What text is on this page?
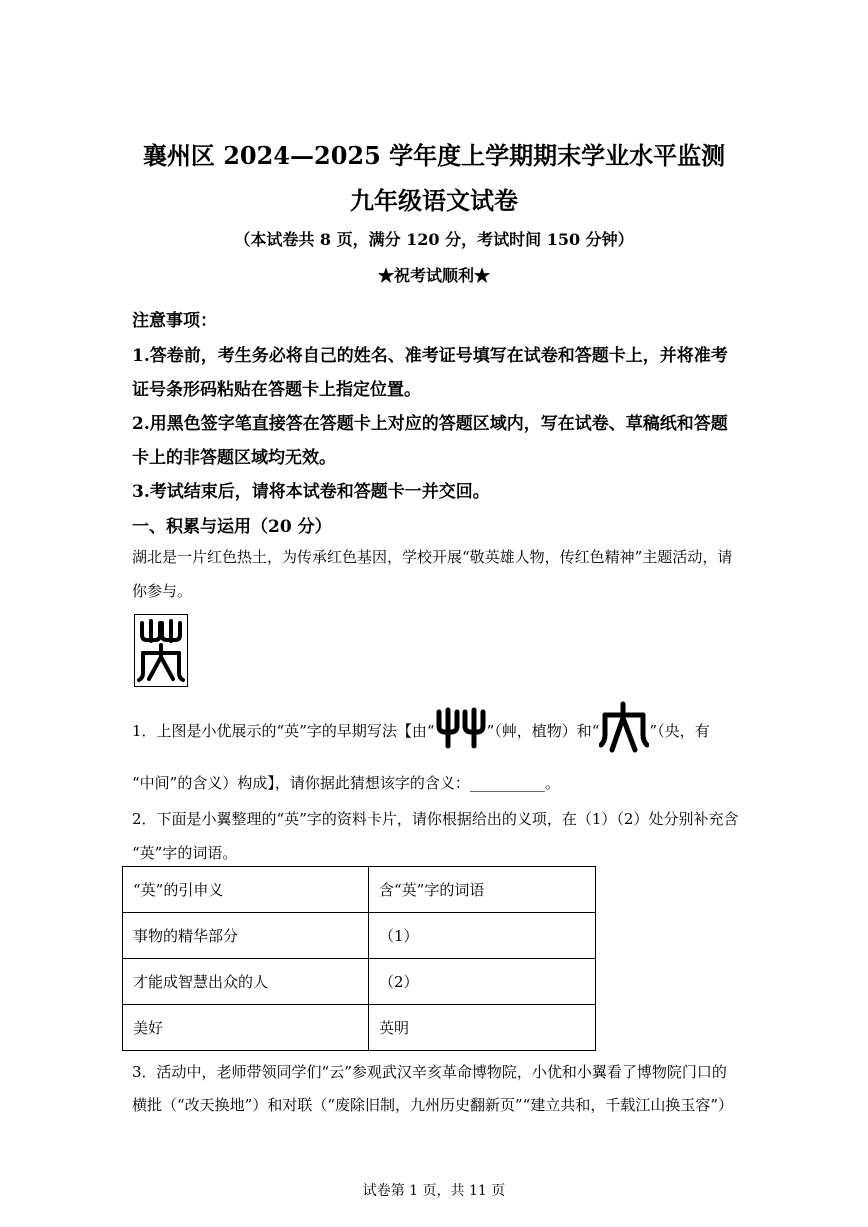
襄州区 2024—2025 学年度上学期期末学业水平监测
九年级语文试卷
（本试卷共 8 页，满分 120 分，考试时间 150 分钟）
★祝考试顺利★
注意事项：
1.答卷前，考生务必将自己的姓名、准考证号填写在试卷和答题卡上，并将准考
证号条形码粘贴在答题卡上指定位置。
2.用黑色签字笔直接答在答题卡上对应的答题区域内，写在试卷、草稿纸和答题
卡上的非答题区域均无效。
3.考试结束后，请将本试卷和答题卡一并交回。
一、积累与运用（20 分）
湖北是一片红色热土，为传承红色基因，学校开展“敬英雄人物，传红色精神”主题活动，请
你参与。
1．上图是小优展示的“英”字的早期写法【由“	”（艸，植物）和“	”（央，有
“中间”的含义）构成】，请你据此猜想该字的含义：__________。
2．下面是小翼整理的“英”字的资料卡片，请你根据给出的义项，在（1）（2）处分别补充含
“英”字的词语。
“英”的引申义	含“英”字的词语
事物的精华部分	（1）
才能成智慧出众的人	（2）
美好	英明
3．活动中，老师带领同学们“云”参观武汉辛亥革命博物院，小优和小翼看了博物院门口的
横批（“改天换地”）和对联（“废除旧制，九州历史翻新页”“建立共和，千载江山换玉容”）
试卷第 1 页，共 11 页
